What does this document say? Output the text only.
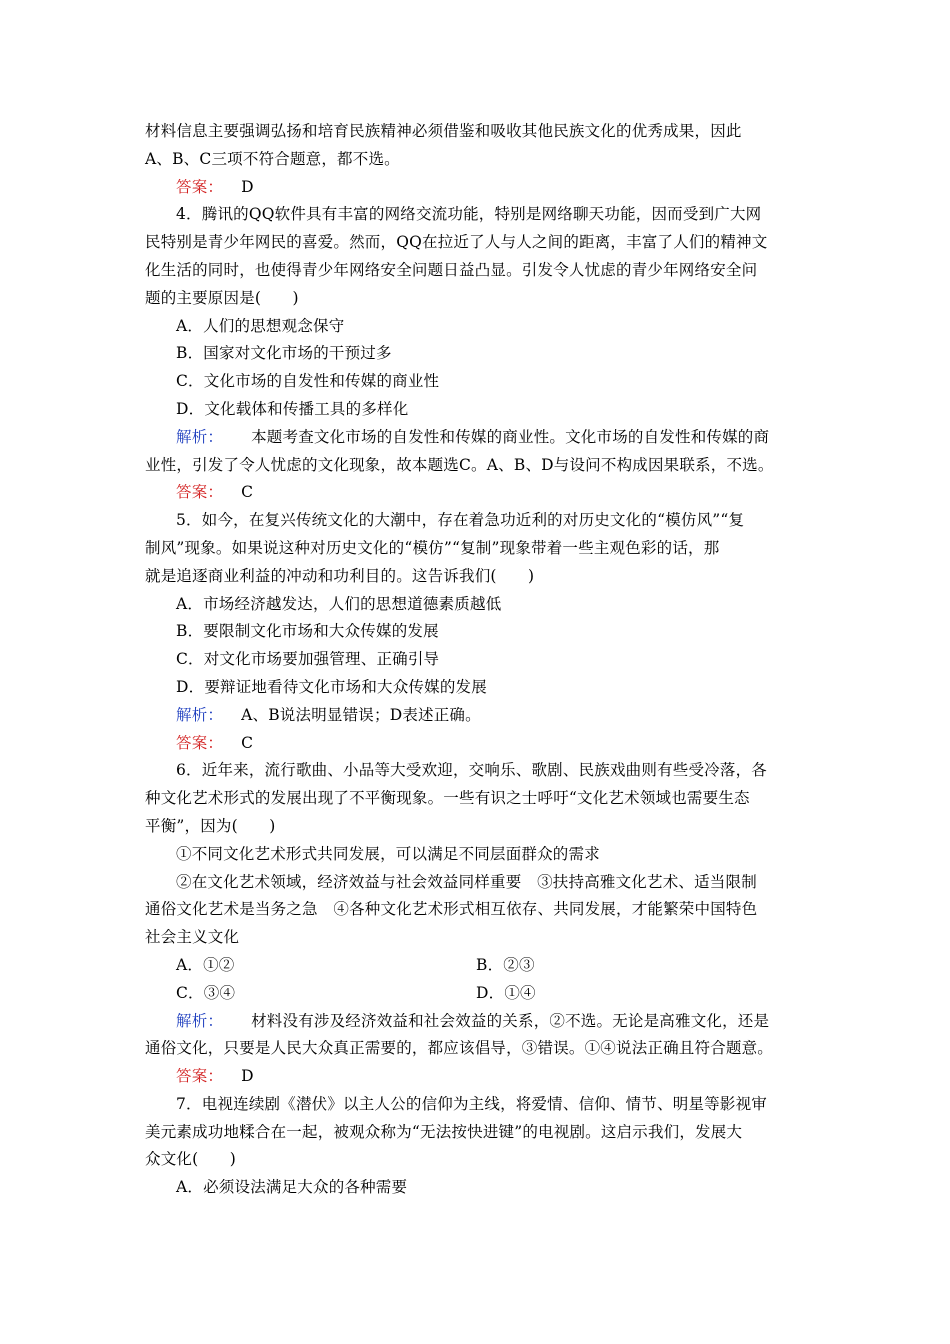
材料信息主要强调弘扬和培育民族精神必须借鉴和吸收其他民族文化的优秀成果，因此
A、B、C三项不符合题意，都不选。
答案： D
4．腾讯的QQ软件具有丰富的网络交流功能，特别是网络聊天功能，因而受到广大网
民特别是青少年网民的喜爱。然而，QQ在拉近了人与人之间的距离，丰富了人们的精神文
化生活的同时，也使得青少年网络安全问题日益凸显。引发令人忧虑的青少年网络安全问
题的主要原因是(　　)
A．人们的思想观念保守
B．国家对文化市场的干预过多
C．文化市场的自发性和传媒的商业性
D．文化载体和传播工具的多样化
解析： 本题考查文化市场的自发性和传媒的商业性。文化市场的自发性和传媒的商
业性，引发了令人忧虑的文化现象，故本题选C。A、B、D与设问不构成因果联系，不选。
答案： C
5．如今，在复兴传统文化的大潮中，存在着急功近利的对历史文化的“模仿风”“复
制风”现象。如果说这种对历史文化的“模仿”“复制”现象带着一些主观色彩的话，那
就是追逐商业利益的冲动和功利目的。这告诉我们(　　)
A．市场经济越发达，人们的思想道德素质越低
B．要限制文化市场和大众传媒的发展
C．对文化市场要加强管理、正确引导
D．要辩证地看待文化市场和大众传媒的发展
解析： A、B说法明显错误；D表述正确。
答案： C
6．近年来，流行歌曲、小品等大受欢迎，交响乐、歌剧、民族戏曲则有些受冷落，各
种文化艺术形式的发展出现了不平衡现象。一些有识之士呼吁“文化艺术领域也需要生态
平衡”，因为(　　)
①不同文化艺术形式共同发展，可以满足不同层面群众的需求
②在文化艺术领域，经济效益与社会效益同样重要　③扶持高雅文化艺术、适当限制
通俗文化艺术是当务之急　④各种文化艺术形式相互依存、共同发展，才能繁荣中国特色
社会主义文化
A．①②	B．②③
C．③④	D．①④
解析： 材料没有涉及经济效益和社会效益的关系，②不选。无论是高雅文化，还是
通俗文化，只要是人民大众真正需要的，都应该倡导，③错误。①④说法正确且符合题意。
答案： D
7．电视连续剧《潜伏》以主人公的信仰为主线，将爱情、信仰、情节、明星等影视审
美元素成功地糅合在一起，被观众称为“无法按快进键”的电视剧。这启示我们，发展大
众文化(　　)
A．必须设法满足大众的各种需要
